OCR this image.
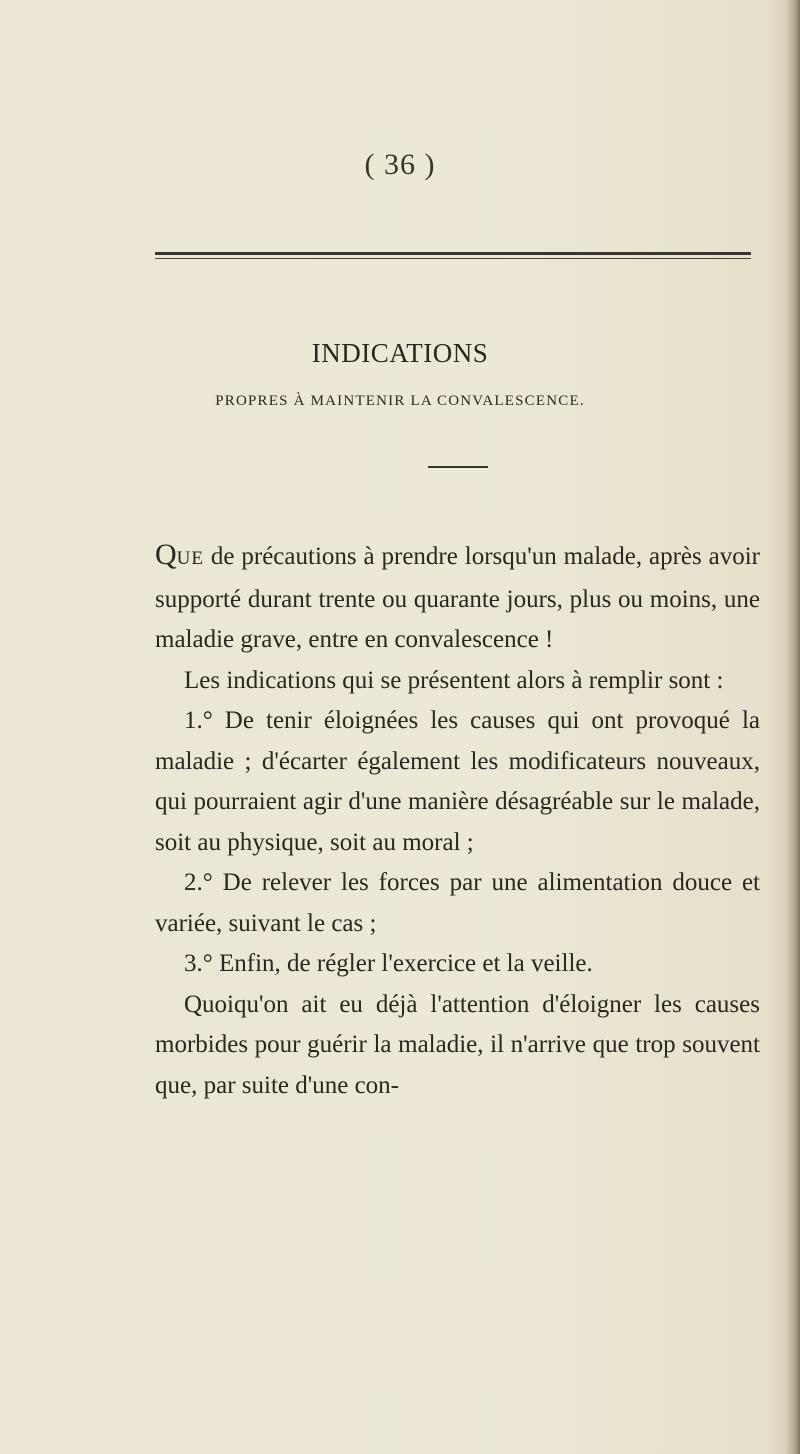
( 36 )
INDICATIONS
PROPRES À MAINTENIR LA CONVALESCENCE.

QUE de précautions à prendre lorsqu'un malade, après avoir supporté durant trente ou quarante jours, plus ou moins, une maladie grave, entre en convalescence !

Les indications qui se présentent alors à remplir sont :

1.° De tenir éloignées les causes qui ont provoqué la maladie ; d'écarter également les modificateurs nouveaux, qui pourraient agir d'une manière désagréable sur le malade, soit au physique, soit au moral ;

2.° De relever les forces par une alimentation douce et variée, suivant le cas ;

3.° Enfin, de régler l'exercice et la veille.

Quoiqu'on ait eu déjà l'attention d'éloigner les causes morbides pour guérir la maladie, il n'arrive que trop souvent que, par suite d'une con-
